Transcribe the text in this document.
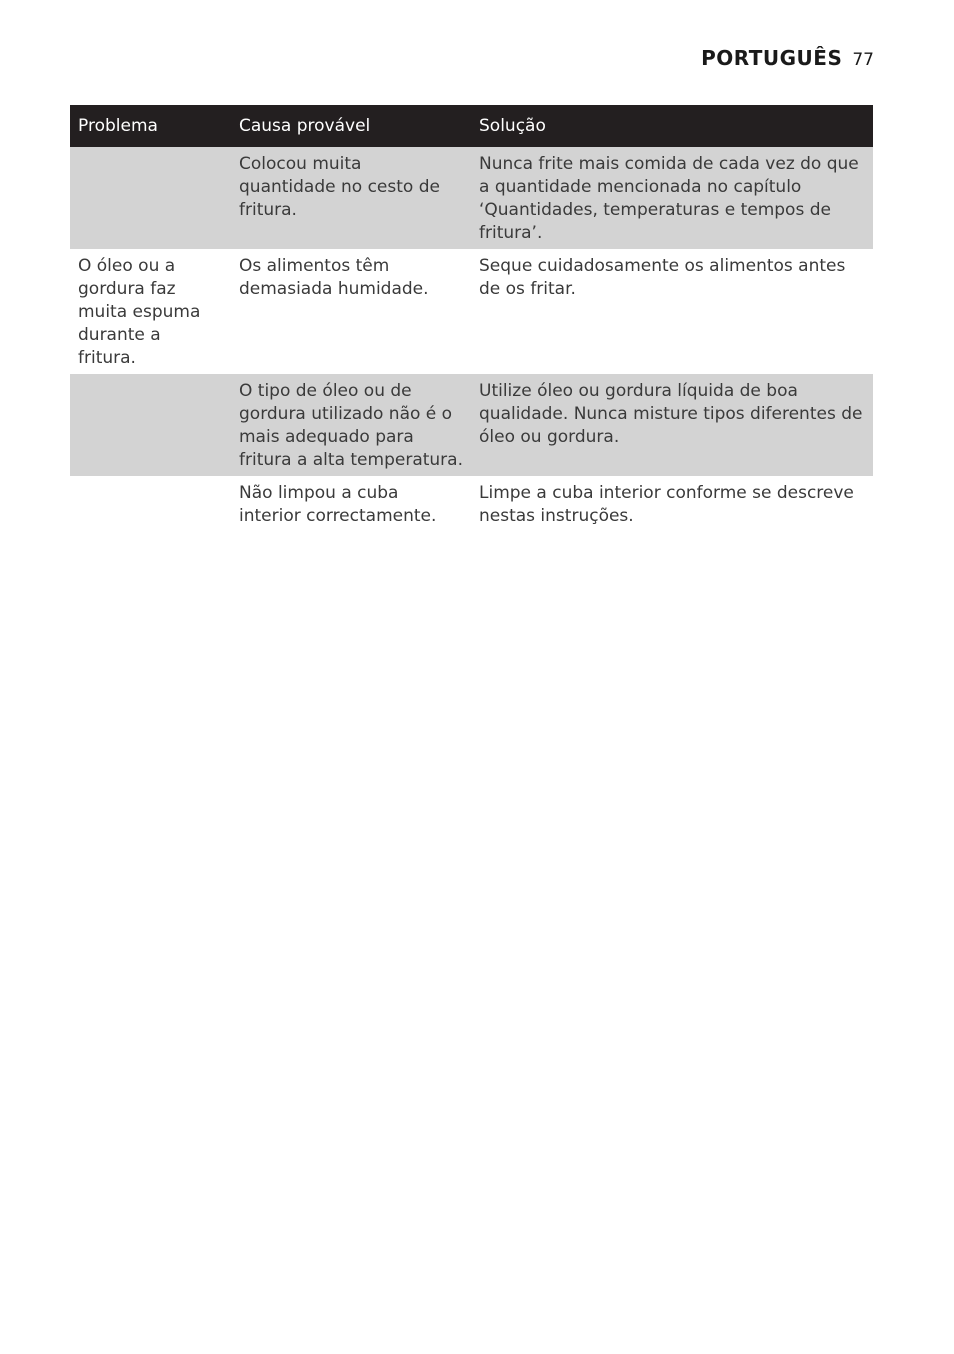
PORTUGUÊS 77
Problema	Causa provável	Solução
	Colocou muita quantidade no cesto de fritura.	Nunca frite mais comida de cada vez do que a quantidade mencionada no capítulo ‘Quantidades, temperaturas e tempos de fritura’.
O óleo ou a gordura faz muita espuma durante a fritura.	Os alimentos têm demasiada humidade.	Seque cuidadosamente os alimentos antes de os fritar.
	O tipo de óleo ou de gordura utilizado não é o mais adequado para fritura a alta temperatura.	Utilize óleo ou gordura líquida de boa qualidade. Nunca misture tipos diferentes de óleo ou gordura.
	Não limpou a cuba interior correctamente.	Limpe a cuba interior conforme se descreve nestas instruções.
